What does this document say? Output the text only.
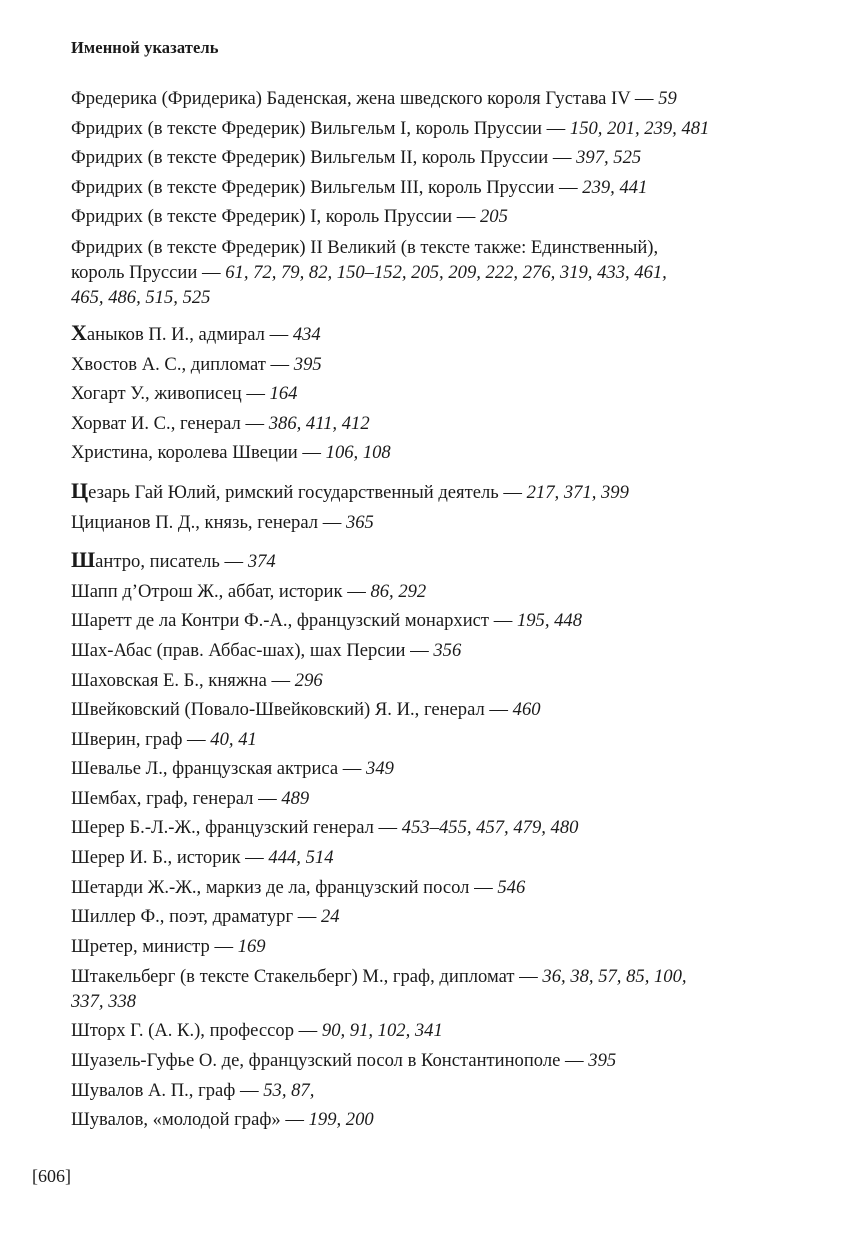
Именной указатель
Фредерика (Фридерика) Баденская, жена шведского короля Густава IV — 59
Фридрих (в тексте Фредерик) Вильгельм I, король Пруссии — 150, 201, 239, 481
Фридрих (в тексте Фредерик) Вильгельм II, король Пруссии — 397, 525
Фридрих (в тексте Фредерик) Вильгельм III, король Пруссии — 239, 441
Фридрих (в тексте Фредерик) I, король Пруссии — 205
Фридрих (в тексте Фредерик) II Великий (в тексте также: Единственный),
король Пруссии — 61, 72, 79, 82, 150–152, 205, 209, 222, 276, 319, 433, 461,
465, 486, 515, 525
Ханыков П. И., адмирал — 434
Хвостов А. С., дипломат — 395
Хогарт У., живописец — 164
Хорват И. С., генерал — 386, 411, 412
Христина, королева Швеции — 106, 108
Цезарь Гай Юлий, римский государственный деятель — 217, 371, 399
Цицианов П. Д., князь, генерал — 365
Шантро, писатель — 374
Шапп д’Отрош Ж., аббат, историк — 86, 292
Шаретт де ла Контри Ф.-А., французский монархист — 195, 448
Шах-Абас (прав. Аббас-шах), шах Персии — 356
Шаховская Е. Б., княжна — 296
Швейковский (Повало-Швейковский) Я. И., генерал — 460
Шверин, граф — 40, 41
Шевалье Л., французская актриса — 349
Шембах, граф, генерал — 489
Шерер Б.-Л.-Ж., французский генерал — 453–455, 457, 479, 480
Шерер И. Б., историк — 444, 514
Шетарди Ж.-Ж., маркиз де ла, французский посол — 546
Шиллер Ф., поэт, драматург — 24
Шретер, министр — 169
Штакельберг (в тексте Стакельберг) М., граф, дипломат — 36, 38, 57, 85, 100,
337, 338
Шторх Г. (А. К.), профессор — 90, 91, 102, 341
Шуазель-Гуфье О. де, французский посол в Константинополе — 395
Шувалов А. П., граф — 53, 87,
Шувалов, «молодой граф» — 199, 200
[606]
